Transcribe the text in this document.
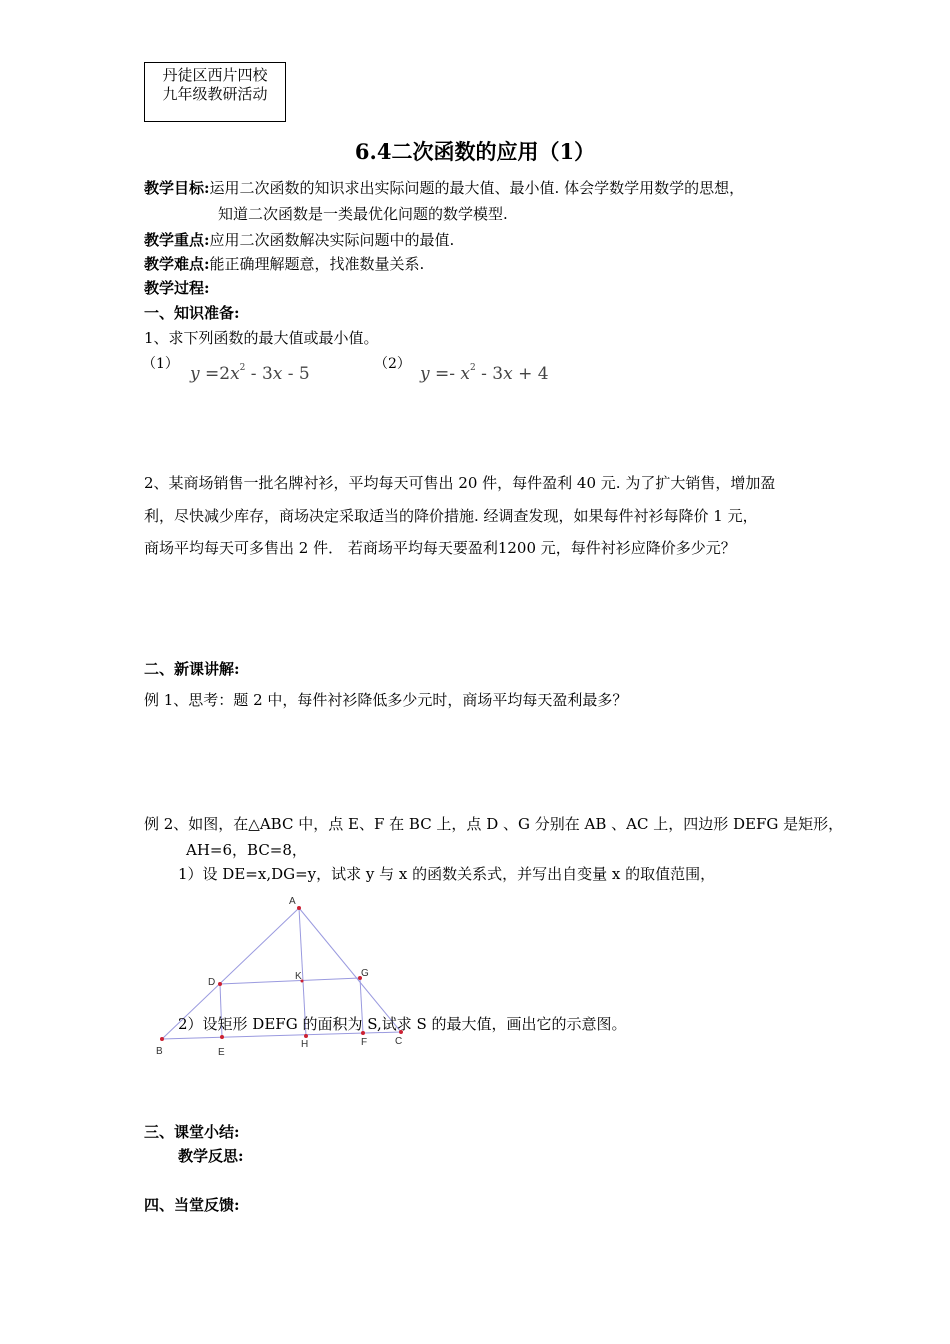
丹徒区西片四校
九年级教研活动
6.4二次函数的应用（1）
教学目标:运用二次函数的知识求出实际问题的最大值、最小值. 体会学数学用数学的思想，
知道二次函数是一类最优化问题的数学模型.
教学重点:应用二次函数解决实际问题中的最值.
教学难点:能正确理解题意，找准数量关系.
教学过程:
一、知识准备:
1、求下列函数的最大值或最小值。
（1） $y =2x^2 - 3x - 5$	（2） $y =- x^2 - 3x + 4$
2、某商场销售一批名牌衬衫，平均每天可售出 20 件，每件盈利 40 元. 为了扩大销售，增加盈
利，尽快减少库存，商场决定采取适当的降价措施. 经调查发现，如果每件衬衫每降价 1 元，
商场平均每天可多售出 2 件． 若商场平均每天要盈利1200 元，每件衬衫应降价多少元？
二、新课讲解:
例 1、思考：题 2 中，每件衬衫降低多少元时，商场平均每天盈利最多？
例 2、如图，在△ABC 中，点 E、F 在 BC 上，点 D 、G 分别在 AB 、AC 上，四边形 DEFG 是矩形，
AH=6，BC=8，
1）设 DE=x,DG=y，试求 y 与 x 的函数关系式，并写出自变量 x 的取值范围，
A
B
C
D
E
F
G
H
K
2）设矩形 DEFG 的面积为 S,试求 S 的最大值，画出它的示意图。
三、课堂小结:
教学反思:
四、当堂反馈:
